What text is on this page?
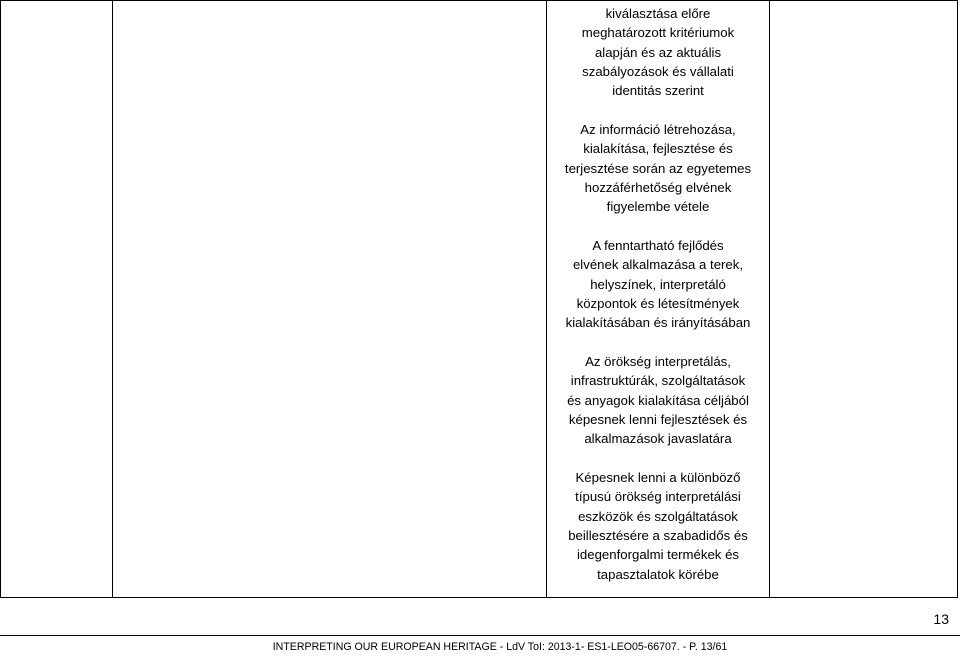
kiválasztása előre
meghatározott kritériumok
alapján és az aktuális
szabályozások és vállalati
identitás szerint

Az információ létrehozása,
kialakítása, fejlesztése és
terjesztése során az egyetemes
hozzáférhetőség elvének
figyelembe vétele

A fenntartható fejlődés
elvének alkalmazása a terek,
helyszínek, interpretáló
központok és létesítmények
kialakításában és irányításában

Az örökség interpretálás,
infrastruktúrák, szolgáltatások
és anyagok kialakítása céljából
képesnek lenni fejlesztések és
alkalmazások javaslatára

Képesnek lenni a különböző
típusú örökség interpretálási
eszközök és szolgáltatások
beillesztésére a szabadidős és
idegenforgalmi termékek és
tapasztalatok körébe

13
INTERPRETING OUR EUROPEAN HERITAGE - LdV ToI: 2013-1- ES1-LEO05-66707. - P. 13/61
